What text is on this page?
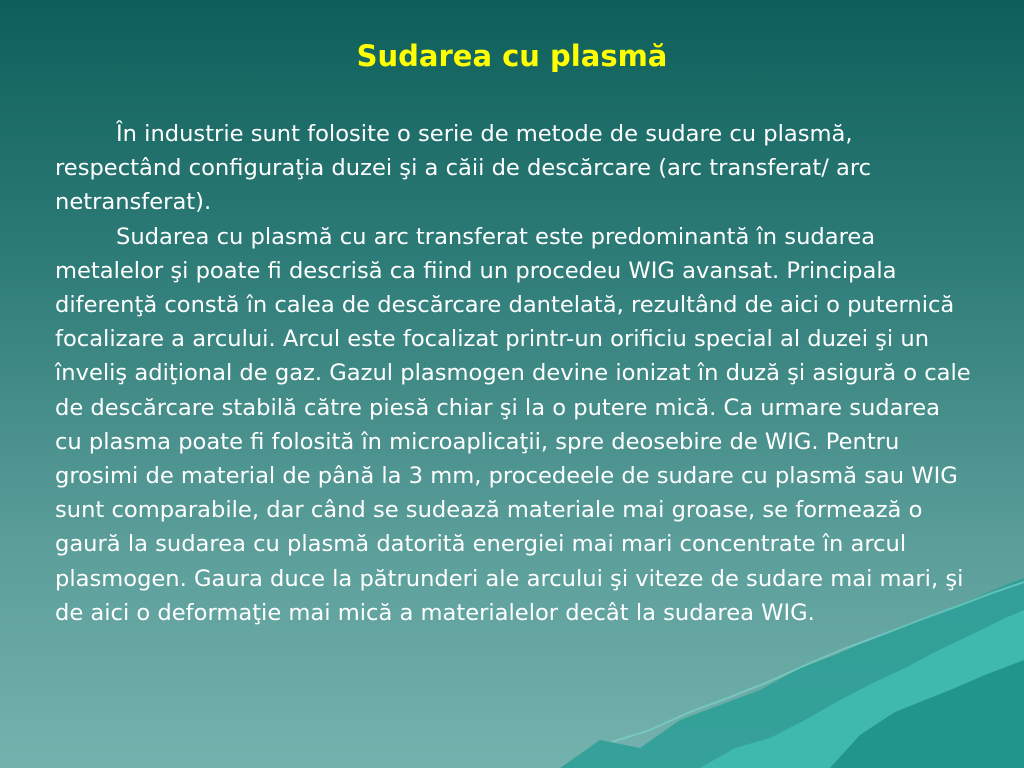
Sudarea cu plasmă

În industrie sunt folosite o serie de metode de sudare cu plasmă, respectând configuraţia duzei şi a căii de descărcare (arc transferat/ arc netransferat).

Sudarea cu plasmă cu arc transferat este predominantă în sudarea metalelor şi poate fi descrisă ca fiind un procedeu WIG avansat. Principala diferenţă constă în calea de descărcare dantelată, rezultând de aici o puternică focalizare a arcului. Arcul este focalizat printr-un orificiu special al duzei şi un înveliş adiţional de gaz. Gazul plasmogen devine ionizat în duză şi asigură o cale de descărcare stabilă către piesă chiar şi la o putere mică. Ca urmare sudarea cu plasma poate fi folosită în microaplicaţii, spre deosebire de WIG. Pentru grosimi de material de până la 3 mm, procedeele de sudare cu plasmă sau WIG sunt comparabile, dar când se sudează materiale mai groase, se formează o gaură la sudarea cu plasmă datorită energiei mai mari concentrate în arcul plasmogen. Gaura duce la pătrunderi ale arcului şi viteze de sudare mai mari, şi de aici o deformaţie mai mică a materialelor decât la sudarea WIG.
